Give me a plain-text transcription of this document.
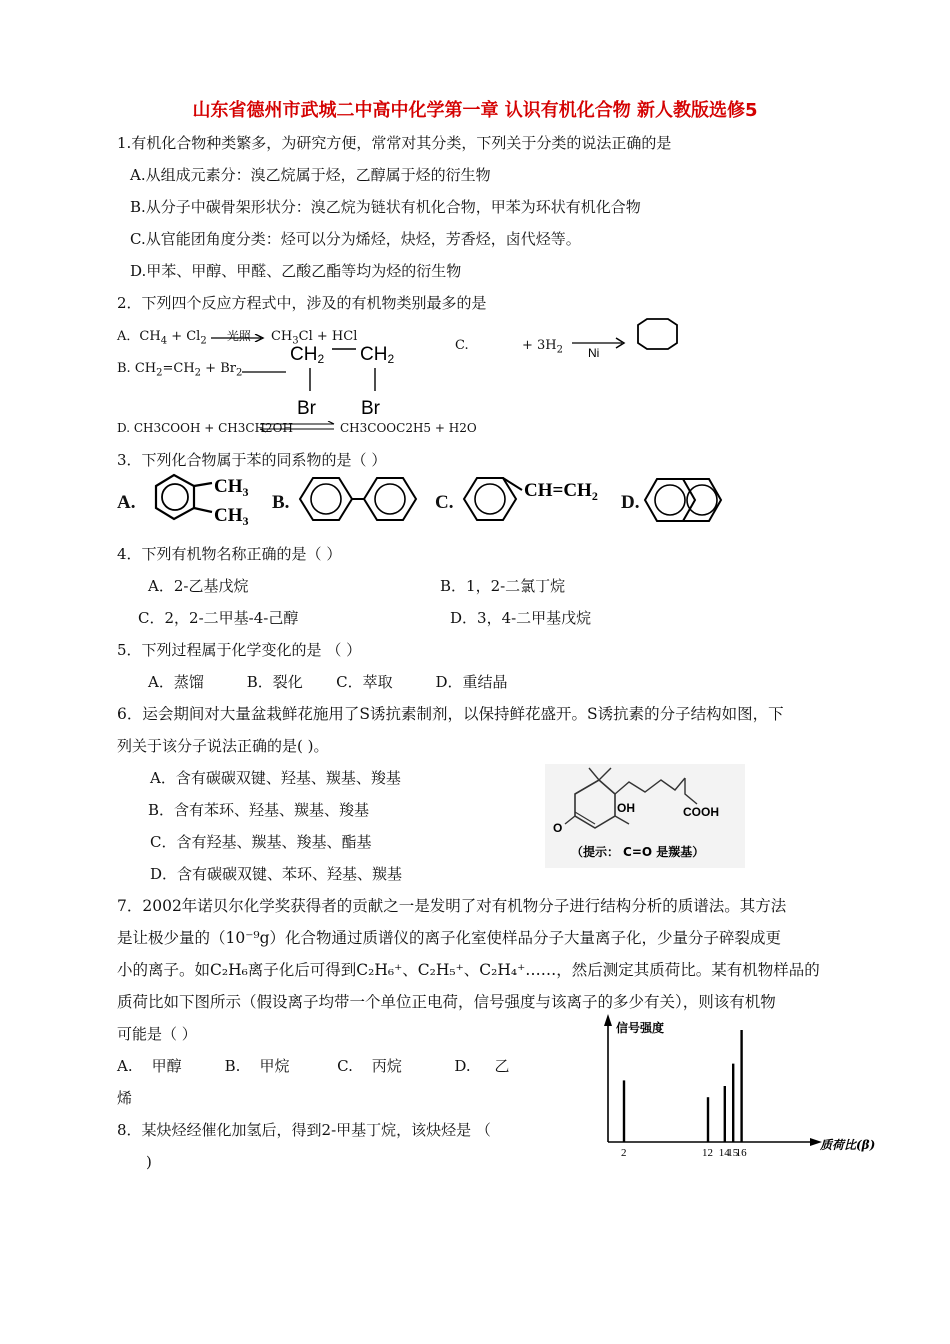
山东省德州市武城二中高中化学第一章 认识有机化合物 新人教版选修5
1.有机化合物种类繁多，为研究方便，常常对其分类，下列关于分类的说法正确的是
A.从组成元素分：溴乙烷属于烃，乙醇属于烃的衍生物
B.从分子中碳骨架形状分：溴乙烷为链状有机化合物，甲苯为环状有机化合物
C.从官能团角度分类：烃可以分为烯烃，炔烃，芳香烃，卤代烃等。
D.甲苯、甲醇、甲醛、乙酸乙酯等均为烃的衍生物
2．下列四个反应方程式中，涉及的有机物类别最多的是
A．$CH_4 + Cl_2$ 光照 $CH_3Cl$ + HCl
C.	+ $3H_2$ Ni
B. $CH_2=CH_2 + Br_2$
CH2 CH2
Br Br
D. CH3COOH + CH3CH2OH	CH3COOC2H5 + H2O
3．下列化合物属于苯的同系物的是（ ）
A.
$CH_3$
$CH_3$
B.	C.
$CH=CH_2$ D.
4．下列有机物名称正确的是（ ）
A．2-乙基戊烷	B．1，2-二氯丁烷
C．2，2-二甲基-4-己醇	D．3，4-二甲基戊烷
5．下列过程属于化学变化的是 （ ）
A．蒸馏         B．裂化       C．萃取         D．重结晶
6．运会期间对大量盆栽鲜花施用了S诱抗素制剂，以保持鲜花盛开。S诱抗素的分子结构如图，下
列关于该分子说法正确的是( )。
A．含有碳碳双键、羟基、羰基、羧基
B．含有苯环、羟基、羰基、羧基
C．含有羟基、羰基、羧基、酯基
D．含有碳碳双键、苯环、羟基、羰基
O
OH	COOH
（提示： C=O 是羰基）
7．2002年诺贝尔化学奖获得者的贡献之一是发明了对有机物分子进行结构分析的质谱法。其方法
是让极少量的（10⁻⁹g）化合物通过质谱仪的离子化室使样品分子大量离子化，少量分子碎裂成更
小的离子。如C₂H₆离子化后可得到C₂H₆⁺、C₂H₅⁺、C₂H₄⁺……，然后测定其质荷比。某有机物样品的
质荷比如下图所示（假设离子均带一个单位正电荷，信号强度与该离子的多少有关），则该有机物
可能是（ ）
A.    甲醇         B.    甲烷          C.    丙烷           D.     乙
烯
8．某炔烃经催化加氢后，得到2-甲基丁烷，该炔烃是 （
)
信号强度
质荷比(β)
2	12 14
15
16
